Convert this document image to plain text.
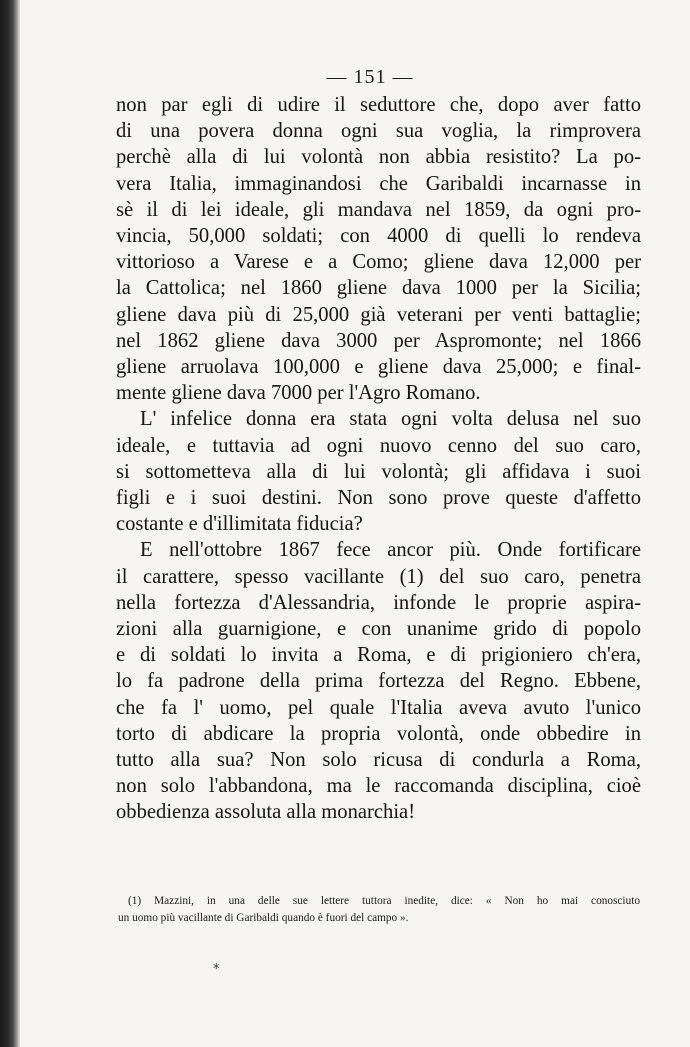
— 151 —
non par egli di udire il seduttore che, dopo aver fatto
di una povera donna ogni sua voglia, la rimprovera
perchè alla di lui volontà non abbia resistito? La po-
vera Italia, immaginandosi che Garibaldi incarnasse in
sè il di lei ideale, gli mandava nel 1859, da ogni pro-
vincia, 50,000 soldati; con 4000 di quelli lo rendeva
vittorioso a Varese e a Como; gliene dava 12,000 per
la Cattolica; nel 1860 gliene dava 1000 per la Sicilia;
gliene dava più di 25,000 già veterani per venti battaglie;
nel 1862 gliene dava 3000 per Aspromonte; nel 1866
gliene arruolava 100,000 e gliene dava 25,000; e final-
mente gliene dava 7000 per l'Agro Romano.
L' infelice donna era stata ogni volta delusa nel suo
ideale, e tuttavia ad ogni nuovo cenno del suo caro,
si sottometteva alla di lui volontà; gli affidava i suoi
figli e i suoi destini. Non sono prove queste d'affetto
costante e d'illimitata fiducia?
E nell'ottobre 1867 fece ancor più. Onde fortificare
il carattere, spesso vacillante (1) del suo caro, penetra
nella fortezza d'Alessandria, infonde le proprie aspira-
zioni alla guarnigione, e con unanime grido di popolo
e di soldati lo invita a Roma, e di prigioniero ch'era,
lo fa padrone della prima fortezza del Regno. Ebbene,
che fa l' uomo, pel quale l'Italia aveva avuto l'unico
torto di abdicare la propria volontà, onde obbedire in
tutto alla sua? Non solo ricusa di condurla a Roma,
non solo l'abbandona, ma le raccomanda disciplina, cioè
obbedienza assoluta alla monarchia!
(1) Mazzini, in una delle sue lettere tuttora inedite, dice: « Non ho mai conosciuto
un uomo più vacillante di Garibaldi quando è fuori del campo ».
*
